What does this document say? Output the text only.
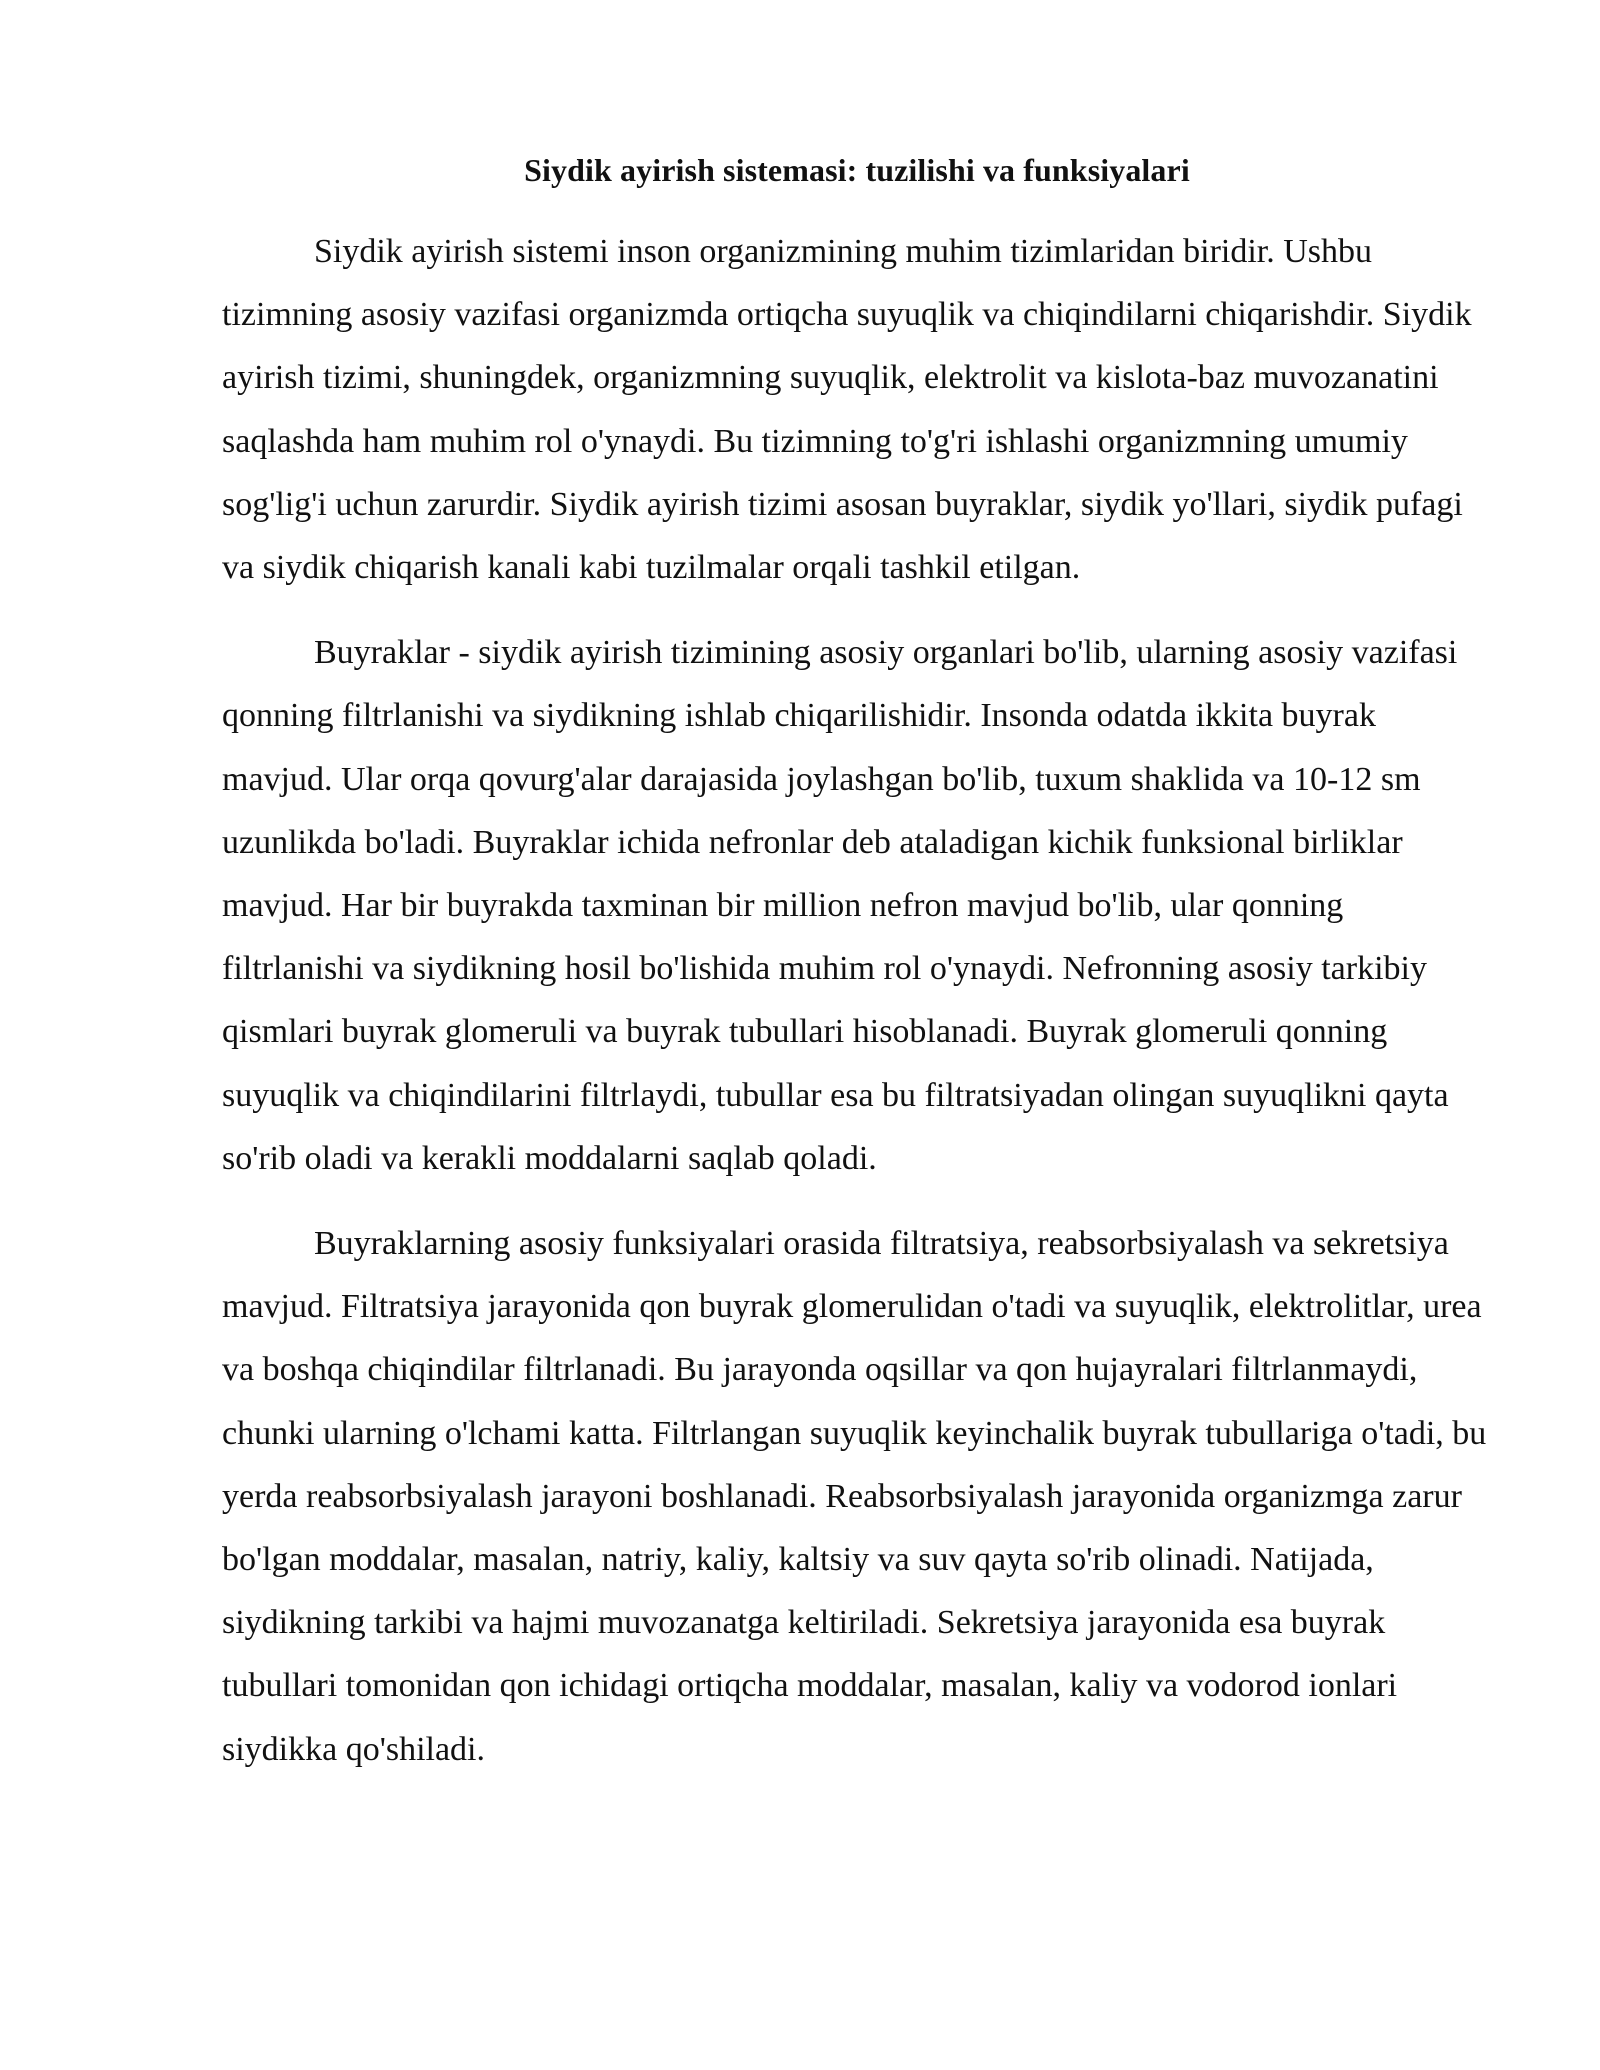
Siydik ayirish sistemasi: tuzilishi va funksiyalari

Siydik ayirish sistemi inson organizmining muhim tizimlaridan biridir. Ushbu tizimning asosiy vazifasi organizmda ortiqcha suyuqlik va chiqindilarni chiqarishdir. Siydik ayirish tizimi, shuningdek, organizmning suyuqlik, elektrolit va kislota-baz muvozanatini saqlashda ham muhim rol o'ynaydi. Bu tizimning to'g'ri ishlashi organizmning umumiy sog'lig'i uchun zarurdir. Siydik ayirish tizimi asosan buyraklar, siydik yo'llari, siydik pufagi va siydik chiqarish kanali kabi tuzilmalar orqali tashkil etilgan.

Buyraklar - siydik ayirish tizimining asosiy organlari bo'lib, ularning asosiy vazifasi qonning filtrlanishi va siydikning ishlab chiqarilishidir. Insonda odatda ikkita buyrak mavjud. Ular orqa qovurg'alar darajasida joylashgan bo'lib, tuxum shaklida va 10-12 sm uzunlikda bo'ladi. Buyraklar ichida nefronlar deb ataladigan kichik funksional birliklar mavjud. Har bir buyrakda taxminan bir million nefron mavjud bo'lib, ular qonning filtrlanishi va siydikning hosil bo'lishida muhim rol o'ynaydi. Nefronning asosiy tarkibiy qismlari buyrak glomeruli va buyrak tubullari hisoblanadi. Buyrak glomeruli qonning suyuqlik va chiqindilarini filtrlaydi, tubullar esa bu filtratsiyadan olingan suyuqlikni qayta so'rib oladi va kerakli moddalarni saqlab qoladi.

Buyraklarning asosiy funksiyalari orasida filtratsiya, reabsorbsiyalash va sekretsiya mavjud. Filtratsiya jarayonida qon buyrak glomerulidan o'tadi va suyuqlik, elektrolitlar, urea va boshqa chiqindilar filtrlanadi. Bu jarayonda oqsillar va qon hujayralari filtrlanmaydi, chunki ularning o'lchami katta. Filtrlangan suyuqlik keyinchalik buyrak tubullariga o'tadi, bu yerda reabsorbsiyalash jarayoni boshlanadi. Reabsorbsiyalash jarayonida organizmga zarur bo'lgan moddalar, masalan, natriy, kaliy, kaltsiy va suv qayta so'rib olinadi. Natijada, siydikning tarkibi va hajmi muvozanatga keltiriladi. Sekretsiya jarayonida esa buyrak tubullari tomonidan qon ichidagi ortiqcha moddalar, masalan, kaliy va vodorod ionlari siydikka qo'shiladi.
